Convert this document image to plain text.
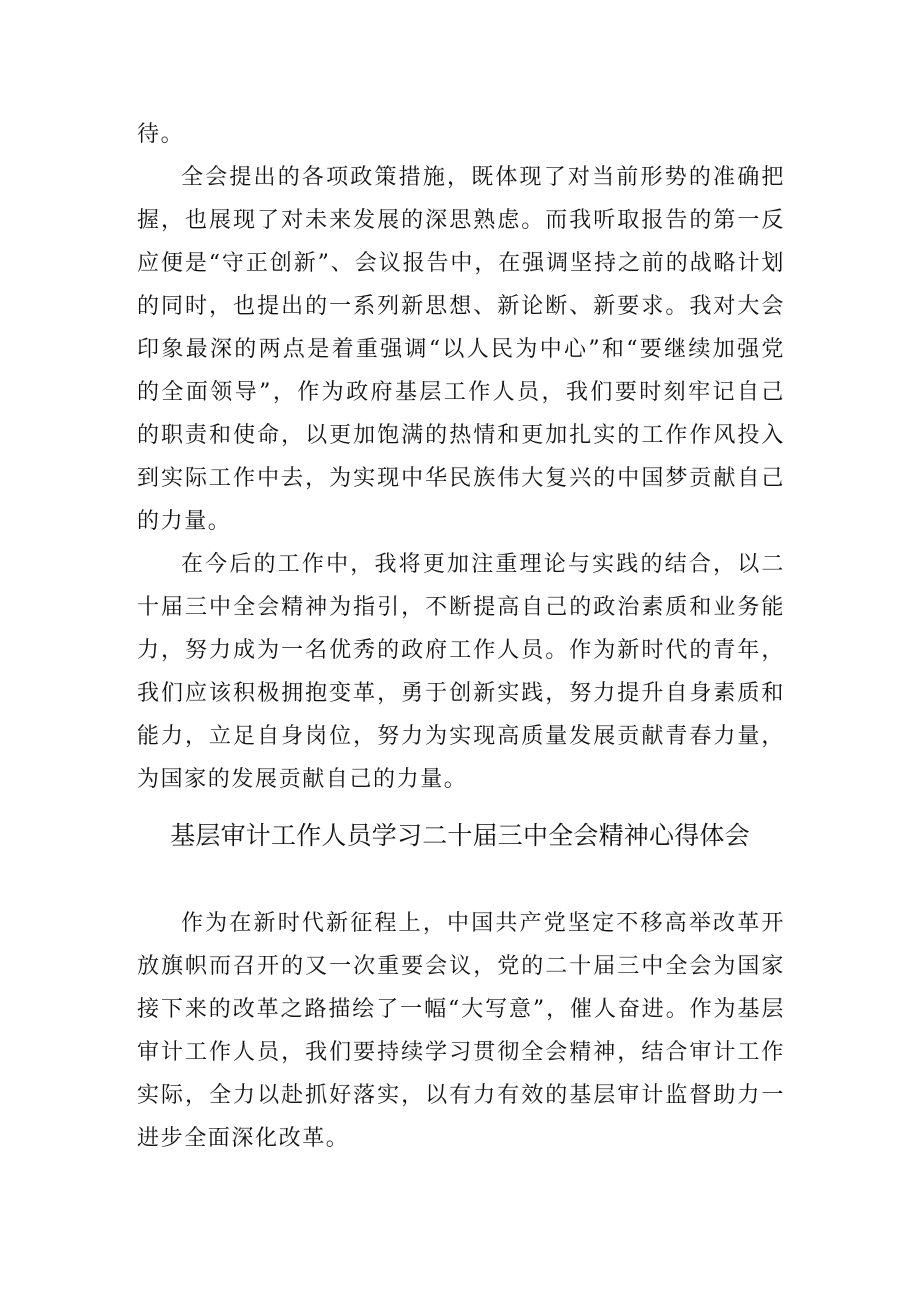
待。

全会提出的各项政策措施，既体现了对当前形势的准确把握，也展现了对未来发展的深思熟虑。而我听取报告的第一反应便是“守正创新”、会议报告中，在强调坚持之前的战略计划的同时，也提出的一系列新思想、新论断、新要求。我对大会印象最深的两点是着重强调“以人民为中心”和“要继续加强党的全面领导”，作为政府基层工作人员，我们要时刻牢记自己的职责和使命，以更加饱满的热情和更加扎实的工作作风投入到实际工作中去，为实现中华民族伟大复兴的中国梦贡献自己的力量。

在今后的工作中，我将更加注重理论与实践的结合，以二十届三中全会精神为指引，不断提高自己的政治素质和业务能力，努力成为一名优秀的政府工作人员。作为新时代的青年，我们应该积极拥抱变革，勇于创新实践，努力提升自身素质和能力，立足自身岗位，努力为实现高质量发展贡献青春力量，为国家的发展贡献自己的力量。

基层审计工作人员学习二十届三中全会精神心得体会

作为在新时代新征程上，中国共产党坚定不移高举改革开放旗帜而召开的又一次重要会议，党的二十届三中全会为国家接下来的改革之路描绘了一幅“大写意”，催人奋进。作为基层审计工作人员，我们要持续学习贯彻全会精神，结合审计工作实际，全力以赴抓好落实，以有力有效的基层审计监督助力一进步全面深化改革。
